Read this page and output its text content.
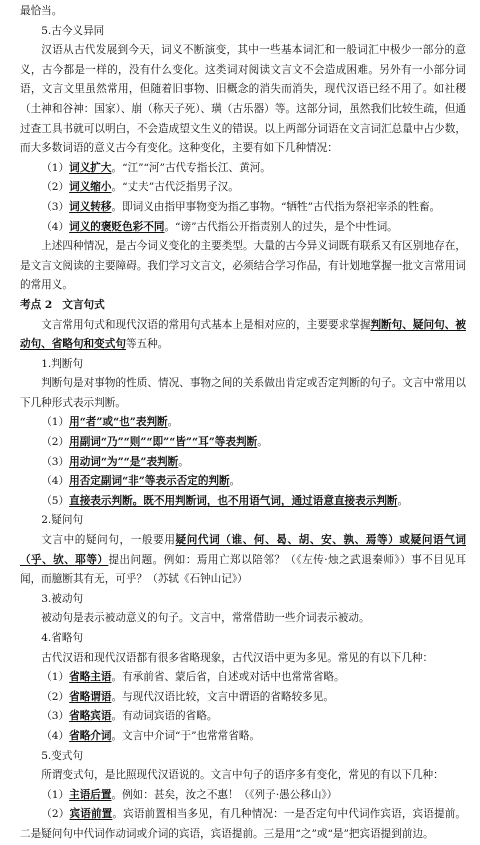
最恰当。

5.古今义异同

汉语从古代发展到今天，词义不断演变，其中一些基本词汇和一般词汇中极少一部分的意义，古今都是一样的，没有什么变化。这类词对阅读文言文不会造成困难。另外有一小部分词语，文言文里虽然常用，但随着旧事物、旧概念的消失而消失，现代汉语已经不用了。如社稷（土神和谷神：国家）、崩（称天子死）、璜（古乐器）等。这部分词，虽然我们比较生疏，但通过查工具书就可以明白，不会造成望文生义的错误。以上两部分词语在文言词汇总量中占少数，而大多数词语的意义古今有变化。这种变化，主要有如下几种情况：

（1）词义扩大。“江”“河”古代专指长江、黄河。

（2）词义缩小。“丈夫”古代泛指男子汉。

（3）词义转移。即词义由指甲事物变为指乙事物。“牺牲”古代指为祭祀宰杀的牲畜。

（4）词义的褒贬色彩不同。“谤”古代指公开指责别人的过失，是个中性词。

上述四种情况，是古今词义变化的主要类型。大量的古今异义词既有联系又有区别地存在，是文言文阅读的主要障碍。我们学习文言文，必须结合学习作品，有计划地掌握一批文言常用词的常用义。

考点 2 文言句式

文言常用句式和现代汉语的常用句式基本上是相对应的，主要要求掌握判断句、疑问句、被动句、省略句和变式句等五种。

1.判断句

判断句是对事物的性质、情况、事物之间的关系做出肯定或否定判断的句子。文言中常用以下几种形式表示判断。

（1）用“者”或“也”表判断。

（2）用副词“乃”“则”“即”“皆”“耳”等表判断。

（3）用动词“为”“是”表判断。

（4）用否定副词“非”等表示否定的判断。

（5）直接表示判断。既不用判断词，也不用语气词，通过语意直接表示判断。

2.疑问句

文言中的疑问句，一般要用疑问代词（谁、何、曷、胡、安、孰、焉等）或疑问语气词（乎、欤、耶等）提出问题。例如：焉用亡郑以陪邻？（《左传·烛之武退秦师》）事不目见耳闻，而臆断其有无，可乎？（苏轼《石钟山记》）

3.被动句

被动句是表示被动意义的句子。文言中，常常借助一些介词表示被动。

4.省略句

古代汉语和现代汉语都有很多省略现象，古代汉语中更为多见。常见的有以下几种：

（1）省略主语。有承前省、蒙后省，自述或对话中也常常省略。

（2）省略谓语。与现代汉语比较，文言中谓语的省略较多见。

（3）省略宾语。有动词宾语的省略。

（4）省略介词。文言中介词“于”也常常省略。

5.变式句

所谓变式句，是比照现代汉语说的。文言中句子的语序多有变化，常见的有以下几种：

（1）主语后置。例如：甚矣，汝之不惠！（《列子·愚公移山》）

（2）宾语前置。宾语前置相当多见，有几种情况：一是否定句中代词作宾语，宾语提前。二是疑问句中代词作动词或介词的宾语，宾语提前。三是用“之”或“是”把宾语提到前边。
